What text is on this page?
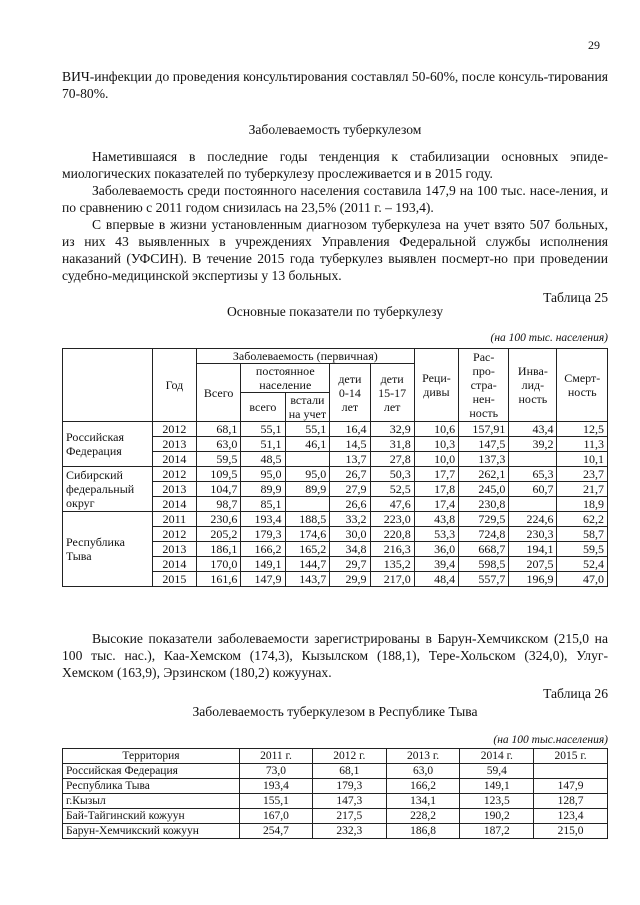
29

ВИЧ-инфекции до проведения консультирования составлял 50-60%, после консуль-тирования 70-80%.

Заболеваемость туберкулезом

Наметившаяся в последние годы тенденция к стабилизации основных эпиде-миологических показателей по туберкулезу прослеживается и в 2015 году.

Заболеваемость среди постоянного населения составила 147,9 на 100 тыс. насе-ления, и по сравнению с 2011 годом снизилась на 23,5% (2011 г. – 193,4).

С впервые в жизни установленным диагнозом туберкулеза на учет взято 507 больных, из них 43 выявленных в учреждениях Управления Федеральной службы исполнения наказаний (УФСИН). В течение 2015 года туберкулез выявлен посмерт-но при проведении судебно-медицинской экспертизы у 13 больных.

Таблица 25
Основные показатели по туберкулезу
(на 100 тыс. населения)
	Год	Заболеваемость (первичная)					Реци-дивы	Рас-про-стра-нен-ность	Инва-лид-ность	Смерт-ность
		Всего	постоянное население		дети 0-14 лет	дети 15-17 лет				
			всего	встали на учет						

Российская Федерация	2012	68,1	55,1	55,1	16,4	32,9	10,6	157,91	43,4	12,5
	2013	63,0	51,1	46,1	14,5	31,8	10,3	147,5	39,2	11,3
	2014	59,5	48,5		13,7	27,8	10,0	137,3		10,1
Сибирский федеральный округ	2012	109,5	95,0	95,0	26,7	50,3	17,7	262,1	65,3	23,7
	2013	104,7	89,9	89,9	27,9	52,5	17,8	245,0	60,7	21,7
	2014	98,7	85,1		26,6	47,6	17,4	230,8		18,9
Республика Тыва	2011	230,6	193,4	188,5	33,2	223,0	43,8	729,5	224,6	62,2
	2012	205,2	179,3	174,6	30,0	220,8	53,3	724,8	230,3	58,7
	2013	186,1	166,2	165,2	34,8	216,3	36,0	668,7	194,1	59,5
	2014	170,0	149,1	144,7	29,7	135,2	39,4	598,5	207,5	52,4
	2015	161,6	147,9	143,7	29,9	217,0	48,4	557,7	196,9	47,0

Высокие показатели заболеваемости зарегистрированы в Барун-Хемчикском (215,0 на 100 тыс. нас.), Каа-Хемском (174,3), Кызылском (188,1), Тере-Хольском (324,0), Улуг-Хемском (163,9), Эрзинском (180,2) кожуунах.

Таблица 26
Заболеваемость туберкулезом в Республике Тыва
(на 100 тыс.населения)
Территория	2011 г.	2012 г.	2013 г.	2014 г.	2015 г.
Российская Федерация	73,0	68,1	63,0	59,4	
Республика Тыва	193,4	179,3	166,2	149,1	147,9
г.Кызыл	155,1	147,3	134,1	123,5	128,7
Бай-Тайгинский кожуун	167,0	217,5	228,2	190,2	123,4
Барун-Хемчикский кожуун	254,7	232,3	186,8	187,2	215,0
